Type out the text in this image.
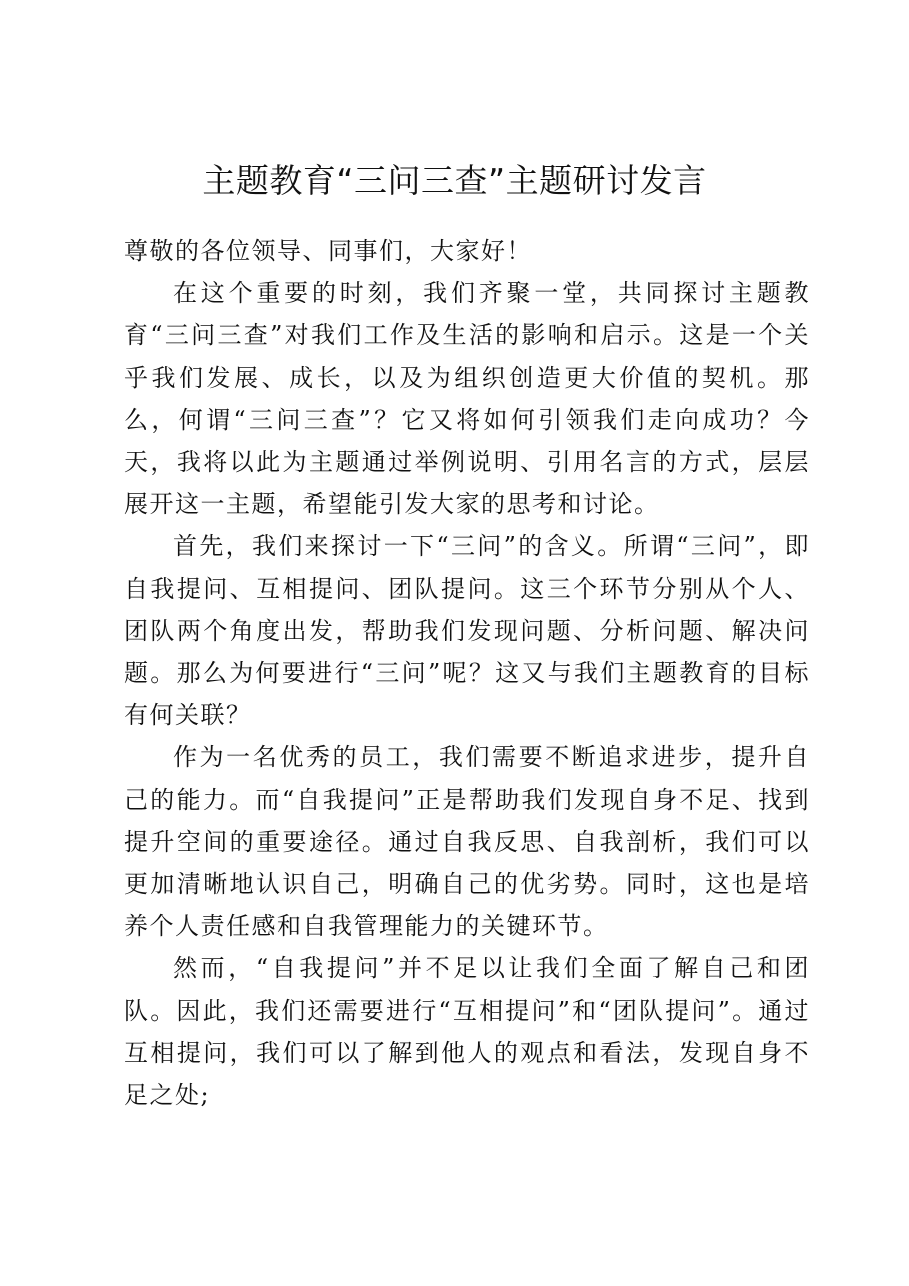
主题教育“三问三查”主题研讨发言

尊敬的各位领导、同事们，大家好！

在这个重要的时刻，我们齐聚一堂，共同探讨主题教育“三问三查”对我们工作及生活的影响和启示。这是一个关乎我们发展、成长，以及为组织创造更大价值的契机。那么，何谓“三问三查”？它又将如何引领我们走向成功？今天，我将以此为主题通过举例说明、引用名言的方式，层层展开这一主题，希望能引发大家的思考和讨论。

首先，我们来探讨一下“三问”的含义。所谓“三问”，即自我提问、互相提问、团队提问。这三个环节分别从个人、团队两个角度出发，帮助我们发现问题、分析问题、解决问题。那么为何要进行“三问”呢？这又与我们主题教育的目标有何关联？

作为一名优秀的员工，我们需要不断追求进步，提升自己的能力。而“自我提问”正是帮助我们发现自身不足、找到提升空间的重要途径。通过自我反思、自我剖析，我们可以更加清晰地认识自己，明确自己的优劣势。同时，这也是培养个人责任感和自我管理能力的关键环节。

然而，“自我提问”并不足以让我们全面了解自己和团队。因此，我们还需要进行“互相提问”和“团队提问”。通过互相提问，我们可以了解到他人的观点和看法，发现自身不足之处;
